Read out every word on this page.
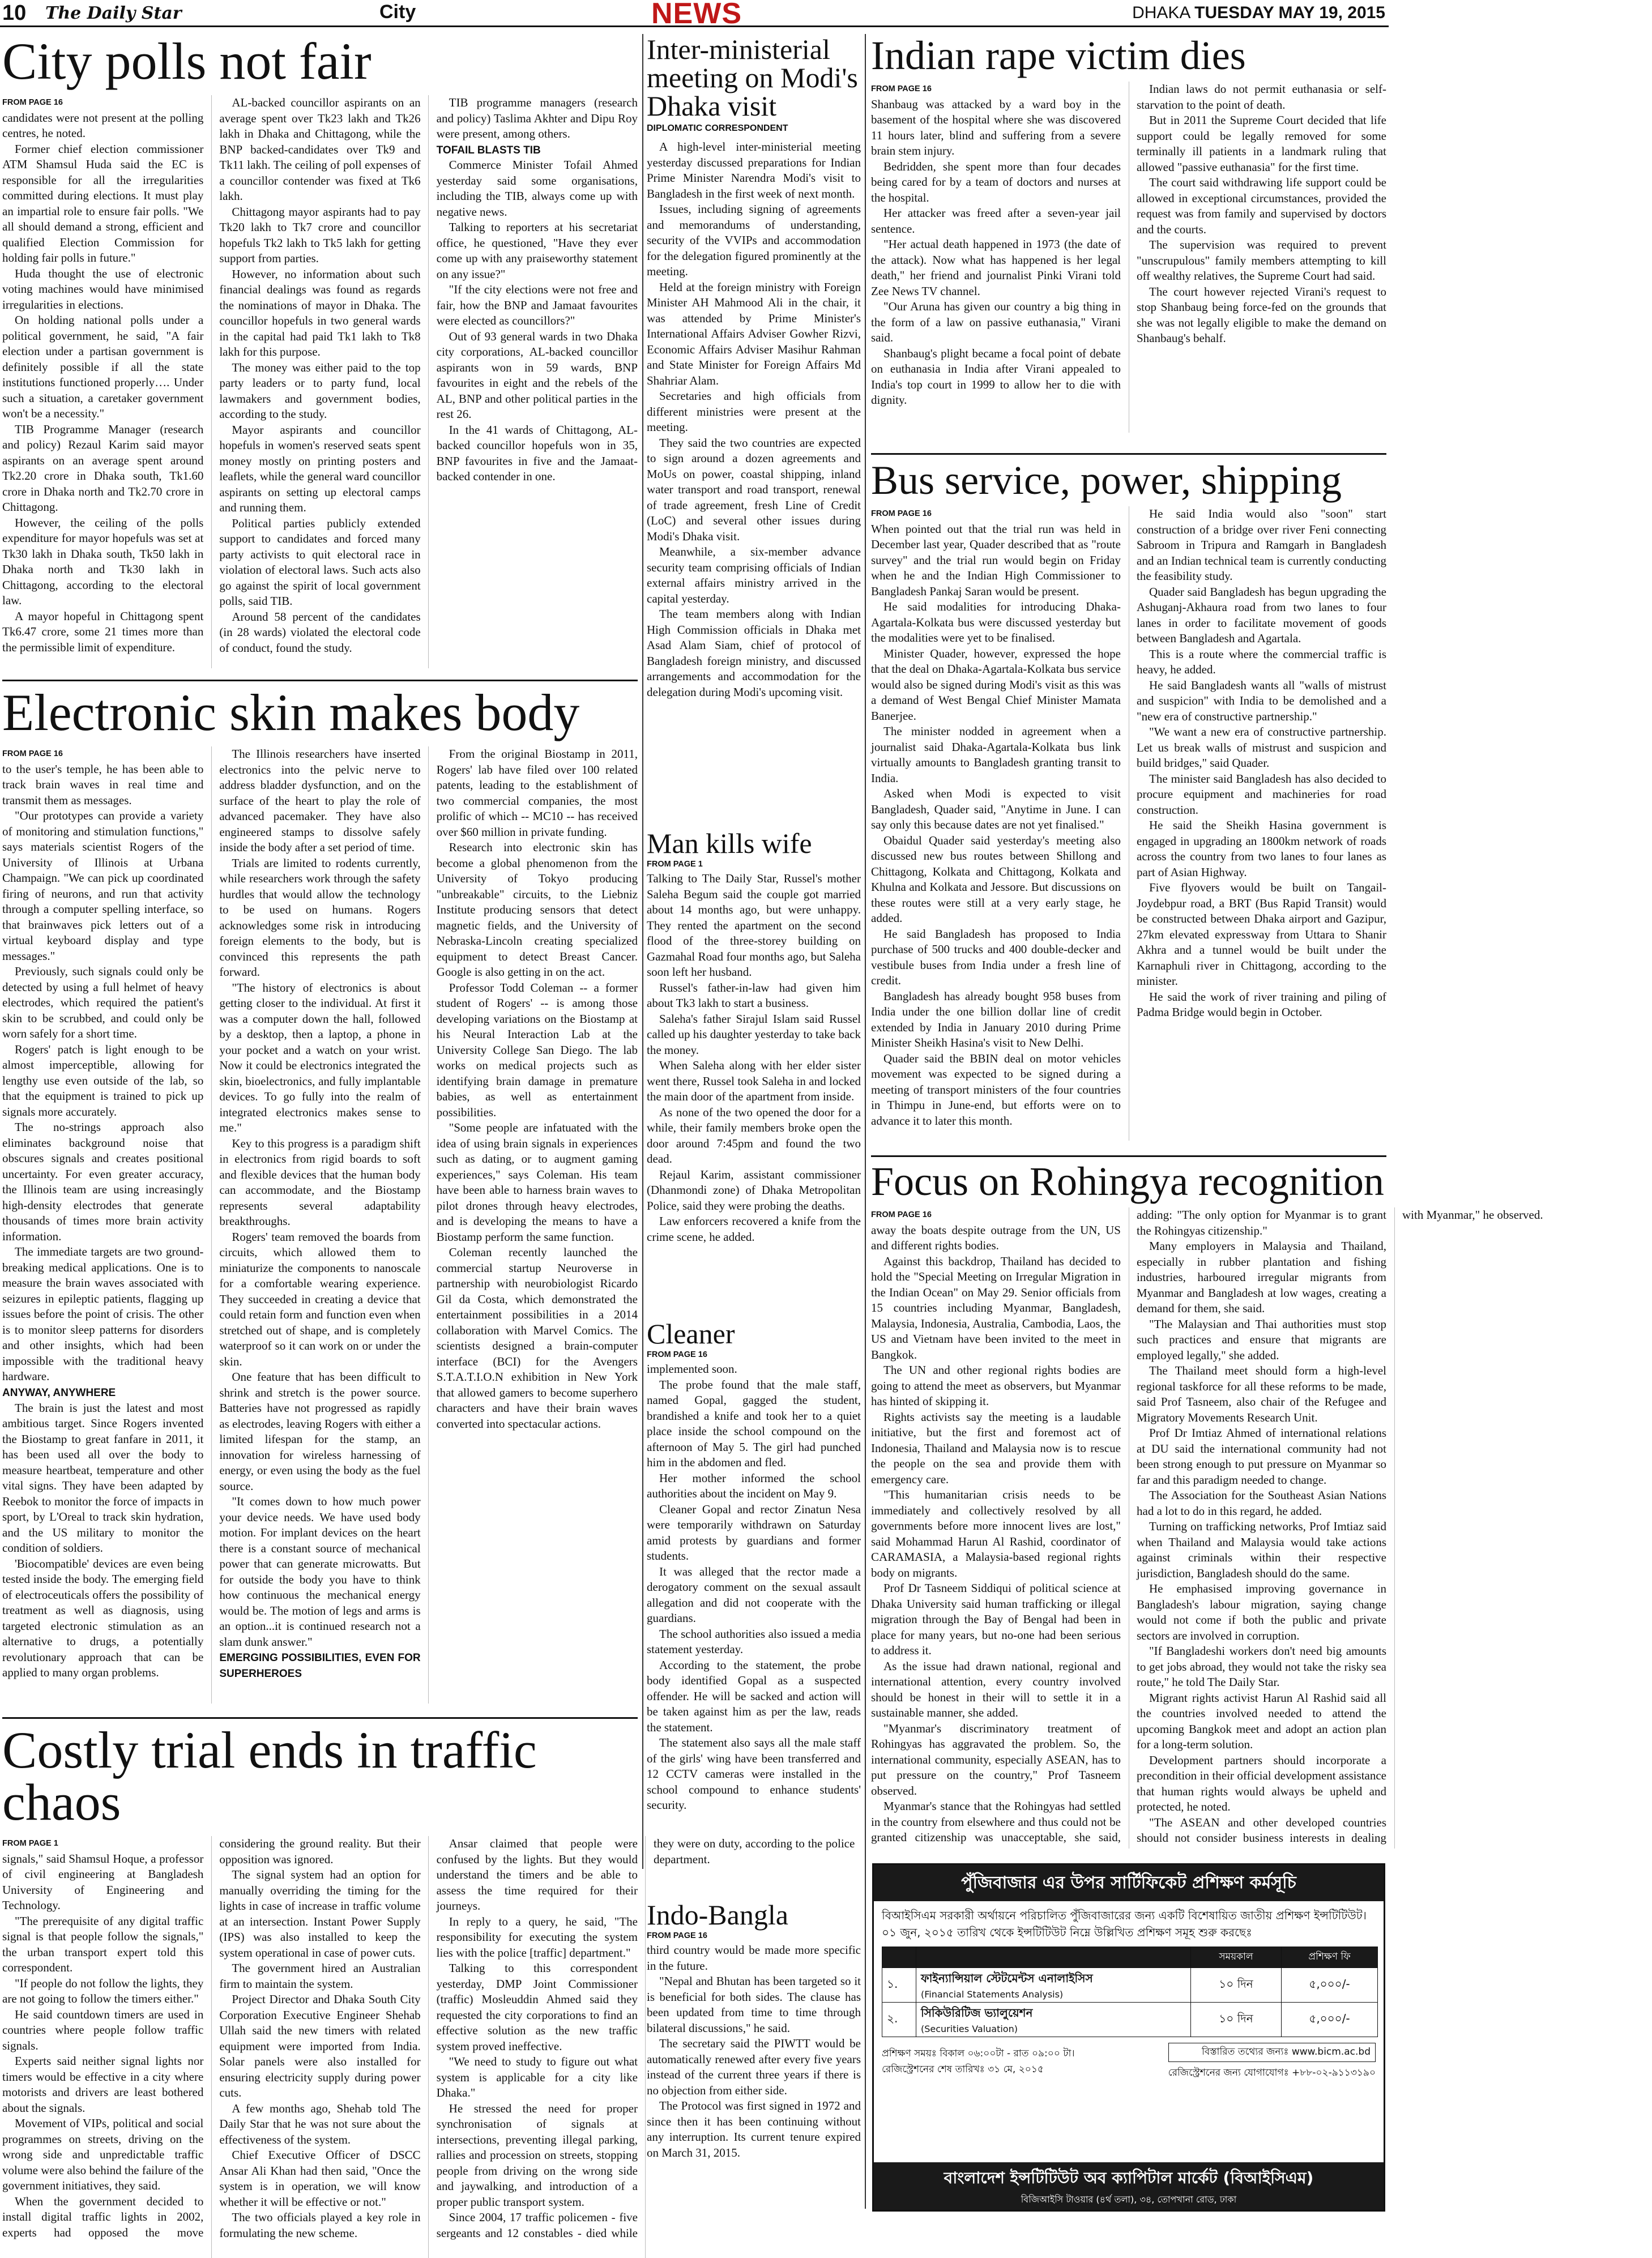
10 The Daily Star	City	NEWS	DHAKA TUESDAY MAY 19, 2015
City polls not fair
FROM PAGE 16

candidates were not present at the polling centres, he noted.

Former chief election commissioner ATM Shamsul Huda said the EC is responsible for all the irregularities committed during elections. It must play an impartial role to ensure fair polls. "We all should demand a strong, efficient and qualified Election Commission for holding fair polls in future."

Huda thought the use of electronic voting machines would have minimised irregularities in elections.

On holding national polls under a political government, he said, "A fair election under a partisan government is definitely possible if all the state institutions functioned properly…. Under such a situation, a caretaker government won't be a necessity."

TIB Programme Manager (research and policy) Rezaul Karim said mayor aspirants on an average spent around Tk2.20 crore in Dhaka south, Tk1.60 crore in Dhaka north and Tk2.70 crore in Chittagong.

However, the ceiling of the polls expenditure for mayor hopefuls was set at Tk30 lakh in Dhaka south, Tk50 lakh in Dhaka north and Tk30 lakh in Chittagong, according to the electoral law.

A mayor hopeful in Chittagong spent Tk6.47 crore, some 21 times more than the permissible limit of expenditure.

AL-backed councillor aspirants on an average spent over Tk23 lakh and Tk26 lakh in Dhaka and Chittagong, while the BNP backed-candidates over Tk9 and Tk11 lakh. The ceiling of poll expenses of a councillor contender was fixed at Tk6 lakh.

Chittagong mayor aspirants had to pay Tk20 lakh to Tk7 crore and councillor hopefuls Tk2 lakh to Tk5 lakh for getting support from parties.

However, no information about such financial dealings was found as regards the nominations of mayor in Dhaka. The councillor hopefuls in two general wards in the capital had paid Tk1 lakh to Tk8 lakh for this purpose.

The money was either paid to the top party leaders or to party fund, local lawmakers and government bodies, according to the study.

Mayor aspirants and councillor hopefuls in women's reserved seats spent money mostly on printing posters and leaflets, while the general ward councillor aspirants on setting up electoral camps and running them.

Political parties publicly extended support to candidates and forced many party activists to quit electoral race in violation of electoral laws. Such acts also go against the spirit of local government polls, said TIB.

Around 58 percent of the candidates (in 28 wards) violated the electoral code of conduct, found the study.

TIB programme managers (research and policy) Taslima Akhter and Dipu Roy were present, among others.

TOFAIL BLASTS TIB

Commerce Minister Tofail Ahmed yesterday said some organisations, including the TIB, always come up with negative news.

Talking to reporters at his secretariat office, he questioned, "Have they ever come up with any praiseworthy statement on any issue?"

"If the city elections were not free and fair, how the BNP and Jamaat favourites were elected as councillors?"

Out of 93 general wards in two Dhaka city corporations, AL-backed councillor aspirants won in 59 wards, BNP favourites in eight and the rebels of the AL, BNP and other political parties in the rest 26.

In the 41 wards of Chittagong, AL-backed councillor hopefuls won in 35, BNP favourites in five and the Jamaat-backed contender in one.

Electronic skin makes body
FROM PAGE 16

to the user's temple, he has been able to track brain waves in real time and transmit them as messages.

"Our prototypes can provide a variety of monitoring and stimulation functions," says materials scientist Rogers of the University of Illinois at Urbana Champaign. "We can pick up coordinated firing of neurons, and run that activity through a computer spelling interface, so that brainwaves pick letters out of a virtual keyboard display and type messages."

Previously, such signals could only be detected by using a full helmet of heavy electrodes, which required the patient's skin to be scrubbed, and could only be worn safely for a short time.

Rogers' patch is light enough to be almost imperceptible, allowing for lengthy use even outside of the lab, so that the equipment is trained to pick up signals more accurately.

The no-strings approach also eliminates background noise that obscures signals and creates positional uncertainty. For even greater accuracy, the Illinois team are using increasingly high-density electrodes that generate thousands of times more brain activity information.

The immediate targets are two ground-breaking medical applications. One is to measure the brain waves associated with seizures in epileptic patients, flagging up issues before the point of crisis. The other is to monitor sleep patterns for disorders and other insights, which had been impossible with the traditional heavy hardware.

ANYWAY, ANYWHERE

The brain is just the latest and most ambitious target. Since Rogers invented the Biostamp to great fanfare in 2011, it has been used all over the body to measure heartbeat, temperature and other vital signs. They have been adapted by Reebok to monitor the force of impacts in sport, by L'Oreal to track skin hydration, and the US military to monitor the condition of soldiers.

'Biocompatible' devices are even being tested inside the body. The emerging field of electroceuticals offers the possibility of treatment as well as diagnosis, using targeted electronic stimulation as an alternative to drugs, a potentially revolutionary approach that can be applied to many organ problems.

The Illinois researchers have inserted electronics into the pelvic nerve to address bladder dysfunction, and on the surface of the heart to play the role of advanced pacemaker. They have also engineered stamps to dissolve safely inside the body after a set period of time.

Trials are limited to rodents currently, while researchers work through the safety hurdles that would allow the technology to be used on humans. Rogers acknowledges some risk in introducing foreign elements to the body, but is convinced this represents the path forward.

"The history of electronics is about getting closer to the individual. At first it was a computer down the hall, followed by a desktop, then a laptop, a phone in your pocket and a watch on your wrist. Now it could be electronics integrated the skin, bioelectronics, and fully implantable devices. To go fully into the realm of integrated electronics makes sense to me."

Key to this progress is a paradigm shift in electronics from rigid boards to soft and flexible devices that the human body can accommodate, and the Biostamp represents several adaptability breakthroughs.

Rogers' team removed the boards from circuits, which allowed them to miniaturize the components to nanoscale for a comfortable wearing experience. They succeeded in creating a device that could retain form and function even when stretched out of shape, and is completely waterproof so it can work on or under the skin.

One feature that has been difficult to shrink and stretch is the power source. Batteries have not progressed as rapidly as electrodes, leaving Rogers with either a limited lifespan for the stamp, an innovation for wireless harnessing of energy, or even using the body as the fuel source.

"It comes down to how much power your device needs. We have used body motion. For implant devices on the heart there is a constant source of mechanical power that can generate microwatts. But for outside the body you have to think how continuous the mechanical energy would be. The motion of legs and arms is an option...it is continued research not a slam dunk answer."

EMERGING POSSIBILITIES, EVEN FOR SUPERHEROES

From the original Biostamp in 2011, Rogers' lab have filed over 100 related patents, leading to the establishment of two commercial companies, the most prolific of which -- MC10 -- has received over $60 million in private funding.

Research into electronic skin has become a global phenomenon from the University of Tokyo producing "unbreakable" circuits, to the Liebniz Institute producing sensors that detect magnetic fields, and the University of Nebraska-Lincoln creating specialized equipment to detect Breast Cancer. Google is also getting in on the act.

Professor Todd Coleman -- a former student of Rogers' -- is among those developing variations on the Biostamp at his Neural Interaction Lab at the University College San Diego. The lab works on medical projects such as identifying brain damage in premature babies, as well as entertainment possibilities.

"Some people are infatuated with the idea of using brain signals in experiences such as dating, or to augment gaming experiences," says Coleman. His team have been able to harness brain waves to pilot drones through heavy electrodes, and is developing the means to have a Biostamp perform the same function.

Coleman recently launched the commercial startup Neuroverse in partnership with neurobiologist Ricardo Gil da Costa, which demonstrated the entertainment possibilities in a 2014 collaboration with Marvel Comics. The scientists designed a brain-computer interface (BCI) for the Avengers S.T.A.T.I.O.N exhibition in New York that allowed gamers to become superhero characters and have their brain waves converted into spectacular actions.

Costly trial ends in traffic chaos
FROM PAGE 1

signals," said Shamsul Hoque, a professor of civil engineering at Bangladesh University of Engineering and Technology.

"The prerequisite of any digital traffic signal is that people follow the signals," the urban transport expert told this correspondent.

"If people do not follow the lights, they are not going to follow the timers either."

He said countdown timers are used in countries where people follow traffic signals.

Experts said neither signal lights nor timers would be effective in a city where motorists and drivers are least bothered about the signals.

Movement of VIPs, political and social programmes on streets, driving on the wrong side and unpredictable traffic volume were also behind the failure of the government initiatives, they said.

When the government decided to install digital traffic lights in 2002, experts had opposed the move considering the ground reality. But their opposition was ignored.

The signal system had an option for manually overriding the timing for the lights in case of increase in traffic volume at an intersection. Instant Power Supply (IPS) was also installed to keep the system operational in case of power cuts.

The government hired an Australian firm to maintain the system.

Project Director and Dhaka South City Corporation Executive Engineer Shehab Ullah said the new timers with related equipment were imported from India. Solar panels were also installed for ensuring electricity supply during power cuts.

A few months ago, Shehab told The Daily Star that he was not sure about the effectiveness of the system.

Chief Executive Officer of DSCC Ansar Ali Khan had then said, "Once the system is in operation, we will know whether it will be effective or not."

The two officials played a key role in formulating the new scheme.

Ansar claimed that people were confused by the lights. But they would understand the timers and be able to assess the time required for their journeys.

In reply to a query, he said, "The responsibility for executing the system lies with the police [traffic] department."

Talking to this correspondent yesterday, DMP Joint Commissioner (traffic) Mosleuddin Ahmed said they requested the city corporations to find an effective solution as the new traffic system proved ineffective.

"We need to study to figure out what system is applicable for a city like Dhaka."

He stressed the need for proper synchronisation of signals at intersections, preventing illegal parking, rallies and procession on streets, stopping people from driving on the wrong side and jaywalking, and introduction of a proper public transport system.

Since 2004, 17 traffic policemen - five sergeants and 12 constables - died while they were on duty, according to the police department.

Inter-ministerial meeting on Modi's Dhaka visit
DIPLOMATIC CORRESPONDENT

A high-level inter-ministerial meeting yesterday discussed preparations for Indian Prime Minister Narendra Modi's visit to Bangladesh in the first week of next month.

Issues, including signing of agreements and memorandums of understanding, security of the VVIPs and accommodation for the delegation figured prominently at the meeting.

Held at the foreign ministry with Foreign Minister AH Mahmood Ali in the chair, it was attended by Prime Minister's International Affairs Adviser Gowher Rizvi, Economic Affairs Adviser Masihur Rahman and State Minister for Foreign Affairs Md Shahriar Alam.

Secretaries and high officials from different ministries were present at the meeting.

They said the two countries are expected to sign around a dozen agreements and MoUs on power, coastal shipping, inland water transport and road transport, renewal of trade agreement, fresh Line of Credit (LoC) and several other issues during Modi's Dhaka visit.

Meanwhile, a six-member advance security team comprising officials of Indian external affairs ministry arrived in the capital yesterday.

The team members along with Indian High Commission officials in Dhaka met Asad Alam Siam, chief of protocol of Bangladesh foreign ministry, and discussed arrangements and accommodation for the delegation during Modi's upcoming visit.

Man kills wife
FROM PAGE 1

Talking to The Daily Star, Russel's mother Saleha Begum said the couple got married about 14 months ago, but were unhappy. They rented the apartment on the second flood of the three-storey building on Gazmahal Road four months ago, but Saleha soon left her husband.

Russel's father-in-law had given him about Tk3 lakh to start a business.

Saleha's father Sirajul Islam said Russel called up his daughter yesterday to take back the money.

When Saleha along with her elder sister went there, Russel took Saleha in and locked the main door of the apartment from inside.

As none of the two opened the door for a while, their family members broke open the door around 7:45pm and found the two dead.

Rejaul Karim, assistant commissioner (Dhanmondi zone) of Dhaka Metropolitan Police, said they were probing the deaths.

Law enforcers recovered a knife from the crime scene, he added.

Cleaner
FROM PAGE 16

implemented soon.

The probe found that the male staff, named Gopal, gagged the student, brandished a knife and took her to a quiet place inside the school compound on the afternoon of May 5. The girl had punched him in the abdomen and fled.

Her mother informed the school authorities about the incident on May 9.

Cleaner Gopal and rector Zinatun Nesa were temporarily withdrawn on Saturday amid protests by guardians and former students.

It was alleged that the rector made a derogatory comment on the sexual assault allegation and did not cooperate with the guardians.

The school authorities also issued a media statement yesterday.

According to the statement, the probe body identified Gopal as a suspected offender. He will be sacked and action will be taken against him as per the law, reads the statement.

The statement also says all the male staff of the girls' wing have been transferred and 12 CCTV cameras were installed in the school compound to enhance students' security.

Indo-Bangla
FROM PAGE 16

third country would be made more specific in the future.

"Nepal and Bhutan has been targeted so it is beneficial for both sides. The clause has been updated from time to time through bilateral discussions," he said.

The secretary said the PIWTT would be automatically renewed after every five years instead of the current three years if there is no objection from either side.

The Protocol was first signed in 1972 and since then it has been continuing without any interruption. Its current tenure expired on March 31, 2015.

Indian rape victim dies
FROM PAGE 16

Shanbaug was attacked by a ward boy in the basement of the hospital where she was discovered 11 hours later, blind and suffering from a severe brain stem injury.

Bedridden, she spent more than four decades being cared for by a team of doctors and nurses at the hospital.

Her attacker was freed after a seven-year jail sentence.

"Her actual death happened in 1973 (the date of the attack). Now what has happened is her legal death," her friend and journalist Pinki Virani told Zee News TV channel.

"Our Aruna has given our country a big thing in the form of a law on passive euthanasia," Virani said.

Shanbaug's plight became a focal point of debate on euthanasia in India after Virani appealed to India's top court in 1999 to allow her to die with dignity.

Indian laws do not permit euthanasia or self-starvation to the point of death.

But in 2011 the Supreme Court decided that life support could be legally removed for some terminally ill patients in a landmark ruling that allowed "passive euthanasia" for the first time.

The court said withdrawing life support could be allowed in exceptional circumstances, provided the request was from family and supervised by doctors and the courts.

The supervision was required to prevent "unscrupulous" family members attempting to kill off wealthy relatives, the Supreme Court had said.

The court however rejected Virani's request to stop Shanbaug being force-fed on the grounds that she was not legally eligible to make the demand on Shanbaug's behalf.

Bus service, power, shipping
FROM PAGE 16

When pointed out that the trial run was held in December last year, Quader described that as "route survey" and the trial run would begin on Friday when he and the Indian High Commissioner to Bangladesh Pankaj Saran would be present.

He said modalities for introducing Dhaka-Agartala-Kolkata bus were discussed yesterday but the modalities were yet to be finalised.

Minister Quader, however, expressed the hope that the deal on Dhaka-Agartala-Kolkata bus service would also be signed during Modi's visit as this was a demand of West Bengal Chief Minister Mamata Banerjee.

The minister nodded in agreement when a journalist said Dhaka-Agartala-Kolkata bus link virtually amounts to Bangladesh granting transit to India.

Asked when Modi is expected to visit Bangladesh, Quader said, "Anytime in June. I can say only this because dates are not yet finalised."

Obaidul Quader said yesterday's meeting also discussed new bus routes between Shillong and Chittagong, Kolkata and Chittagong, Kolkata and Khulna and Kolkata and Jessore. But discussions on these routes were still at a very early stage, he added.

He said Bangladesh has proposed to India purchase of 500 trucks and 400 double-decker and vestibule buses from India under a fresh line of credit.

Bangladesh has already bought 958 buses from India under the one billion dollar line of credit extended by India in January 2010 during Prime Minister Sheikh Hasina's visit to New Delhi.

Quader said the BBIN deal on motor vehicles movement was expected to be signed during a meeting of transport ministers of the four countries in Thimpu in June-end, but efforts were on to advance it to later this month.

He said India would also "soon" start construction of a bridge over river Feni connecting Sabroom in Tripura and Ramgarh in Bangladesh and an Indian technical team is currently conducting the feasibility study.

Quader said Bangladesh has begun upgrading the Ashuganj-Akhaura road from two lanes to four lanes in order to facilitate movement of goods between Bangladesh and Agartala.

This is a route where the commercial traffic is heavy, he added.

He said Bangladesh wants all "walls of mistrust and suspicion" with India to be demolished and a "new era of constructive partnership."

"We want a new era of constructive partnership. Let us break walls of mistrust and suspicion and build bridges," said Quader.

The minister said Bangladesh has also decided to procure equipment and machineries for road construction.

He said the Sheikh Hasina government is engaged in upgrading an 1800km network of roads across the country from two lanes to four lanes as part of Asian Highway.

Five flyovers would be built on Tangail-Joydebpur road, a BRT (Bus Rapid Transit) would be constructed between Dhaka airport and Gazipur, 27km elevated expressway from Uttara to Shanir Akhra and a tunnel would be built under the Karnaphuli river in Chittagong, according to the minister.

He said the work of river training and piling of Padma Bridge would begin in October.

Focus on Rohingya recognition
FROM PAGE 16

away the boats despite outrage from the UN, US and different rights bodies.

Against this backdrop, Thailand has decided to hold the "Special Meeting on Irregular Migration in the Indian Ocean" on May 29. Senior officials from 15 countries including Myanmar, Bangladesh, Malaysia, Indonesia, Australia, Cambodia, Laos, the US and Vietnam have been invited to the meet in Bangkok.

The UN and other regional rights bodies are going to attend the meet as observers, but Myanmar has hinted of skipping it.

Rights activists say the meeting is a laudable initiative, but the first and foremost act of Indonesia, Thailand and Malaysia now is to rescue the people on the sea and provide them with emergency care.

"This humanitarian crisis needs to be immediately and collectively resolved by all governments before more innocent lives are lost," said Mohammad Harun Al Rashid, coordinator of CARAMASIA, a Malaysia-based regional rights body on migrants.

Prof Dr Tasneem Siddiqui of political science at Dhaka University said human trafficking or illegal migration through the Bay of Bengal had been in place for many years, but no-one had been serious to address it.

As the issue had drawn national, regional and international attention, every country involved should be honest in their will to settle it in a sustainable manner, she added.

"Myanmar's discriminatory treatment of Rohingyas has aggravated the problem. So, the international community, especially ASEAN, has to put pressure on the country," Prof Tasneem observed.

Myanmar's stance that the Rohingyas had settled in the country from elsewhere and thus could not be granted citizenship was unacceptable, she said, adding: "The only option for Myanmar is to grant the Rohingyas citizenship."

Many employers in Malaysia and Thailand, especially in rubber plantation and fishing industries, harboured irregular migrants from Myanmar and Bangladesh at low wages, creating a demand for them, she said.

"The Malaysian and Thai authorities must stop such practices and ensure that migrants are employed legally," she added.

The Thailand meet should form a high-level regional taskforce for all these reforms to be made, said Prof Tasneem, also chair of the Refugee and Migratory Movements Research Unit.

Prof Dr Imtiaz Ahmed of international relations at DU said the international community had not been strong enough to put pressure on Myanmar so far and this paradigm needed to change.

The Association for the Southeast Asian Nations had a lot to do in this regard, he added.

Turning on trafficking networks, Prof Imtiaz said when Thailand and Malaysia would take actions against criminals within their respective jurisdiction, Bangladesh should do the same.

He emphasised improving governance in Bangladesh's labour migration, saying change would not come if both the public and private sectors are involved in corruption.

"If Bangladeshi workers don't need big amounts to get jobs abroad, they would not take the risky sea route," he told The Daily Star.

Migrant rights activist Harun Al Rashid said all the countries involved needed to attend the upcoming Bangkok meet and adopt an action plan for a long-term solution.

Development partners should incorporate a precondition in their official development assistance that human rights would always be upheld and protected, he noted.

"The ASEAN and other developed countries should not consider business interests in dealing with Myanmar," he observed.

পুঁজিবাজার এর উপর সার্টিফিকেট প্রশিক্ষণ কর্মসূচি
বিআইসিএম সরকারী অর্থায়নে পরিচালিত পুঁজিবাজারের জন্য একটি বিশেষায়িত জাতীয় প্রশিক্ষণ ইন্সটিটিউট। ০১ জুন, ২০১৫ তারিখ থেকে ইন্সটিটিউট নিম্নে উল্লিখিত প্রশিক্ষণ সমূহ শুরু করছেঃ
		সময়কাল	প্রশিক্ষণ ফি
১.	ফাইন্যান্সিয়াল স্টেটমেন্টস এনালাইসিস
(Financial Statements Analysis)	১০ দিন	৫,০০০/-
২.	সিকিউরিটিজ ভ্যালুয়েশন
(Securities Valuation)	১০ দিন	৫,০০০/-
প্রশিক্ষণ সময়ঃ বিকাল ০৬:০০টা - রাত ০৯:০০ টা।
রেজিস্ট্রেশনের শেষ তারিখঃ ৩১ মে, ২০১৫
বিস্তারিত তথ্যের জন্যঃ www.bicm.ac.bd
রেজিস্ট্রেশনের জন্য যোগাযোগঃ +৮৮-০২-৯১১৩১৯০
বাংলাদেশ ইন্সটিটিউট অব ক্যাপিটাল মার্কেট (বিআইসিএম)
বিজিআইসি টাওয়ার (৪র্থ তলা), ৩৪, তোপখানা রোড, ঢাকা
